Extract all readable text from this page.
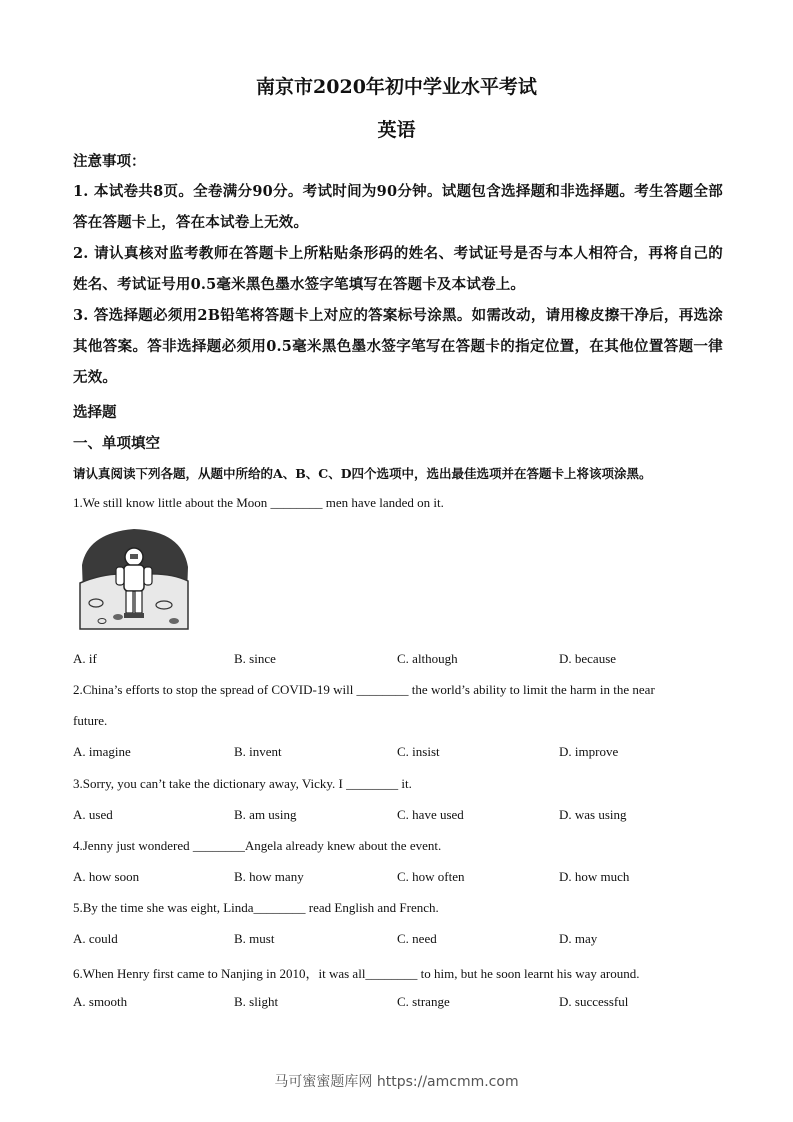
南京市2020年初中学业水平考试
英语
注意事项：
1. 本试卷共8页。全卷满分90分。考试时间为90分钟。试题包含选择题和非选择题。考生答题全部答在答题卡上，答在本试卷上无效。
2. 请认真核对监考教师在答题卡上所粘贴条形码的姓名、考试证号是否与本人相符合，再将自己的姓名、考试证号用0.5毫米黑色墨水签字笔填写在答题卡及本试卷上。
3. 答选择题必须用2B铅笔将答题卡上对应的答案标号涂黑。如需改动，请用橡皮擦干净后，再选涂其他答案。答非选择题必须用0.5毫米黑色墨水签字笔写在答题卡的指定位置，在其他位置答题一律无效。
选择题
一、单项填空
请认真阅读下列各题，从题中所给的A、B、C、D四个选项中，选出最佳选项并在答题卡上将该项涂黑。
1.We still know little about the Moon ________ men have landed on it.
A. if	B. since	C. although	D. because
2.China’s efforts to stop the spread of COVID-19 will ________ the world’s ability to limit the harm in the near
future.
A. imagine	B. invent	C. insist	D. improve
3.Sorry, you can’t take the dictionary away, Vicky. I ________ it.
A. used	B. am using	C. have used	D. was using
4.Jenny just wondered ________Angela already knew about the event.
A. how soon	B. how many	C. how often	D. how much
5.By the time she was eight, Linda________ read English and French.
A. could	B. must	C. need	D. may
6.When Henry first came to Nanjing in 2010，it was all________ to him, but he soon learnt his way around.
A. smooth	B. slight	C. strange	D. successful
马可蜜蜜题库网 https://amcmm.com
